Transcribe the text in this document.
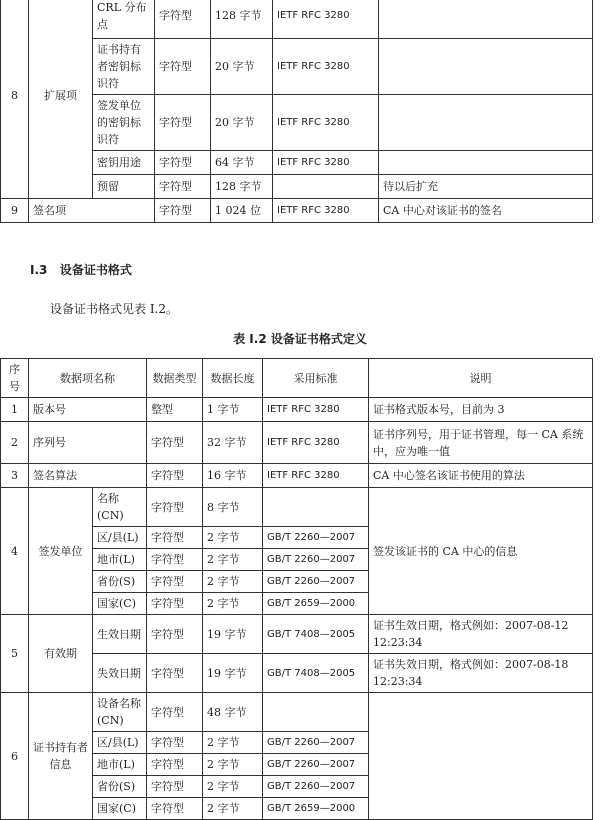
8	扩展项	CRL 分布点	字符型	128 字节	IETF RFC 3280	
		证书持有者密钥标识符	字符型	20 字节	IETF RFC 3280	
		签发单位的密钥标识符	字符型	20 字节	IETF RFC 3280	
		密钥用途	字符型	64 字节	IETF RFC 3280	
		预留	字符型	128 字节		待以后扩充
9	签名项		字符型	1 024 位	IETF RFC 3280	CA 中心对该证书的签名
I.3 设备证书格式
设备证书格式见表 I.2。
表 I.2 设备证书格式定义
序号	数据项名称		数据类型	数据长度	采用标准	说明
1	版本号		整型	1 字节	IETF RFC 3280	证书格式版本号，目前为 3
2	序列号		字符型	32 字节	IETF RFC 3280	证书序列号，用于证书管理，每一 CA 系统中，应为唯一值
3	签名算法		字符型	16 字节	IETF RFC 3280	CA 中心签名该证书使用的算法
4	签发单位	名称(CN)	字符型	8 字节		签发该证书的 CA 中心的信息
		区/县(L)	字符型	2 字节	GB/T 2260—2007	
		地市(L)	字符型	2 字节	GB/T 2260—2007	
		省份(S)	字符型	2 字节	GB/T 2260—2007	
		国家(C)	字符型	2 字节	GB/T 2659—2000	
5	有效期	生效日期	字符型	19 字节	GB/T 7408—2005	证书生效日期，格式例如：2007-08-12 12:23:34
		失效日期	字符型	19 字节	GB/T 7408—2005	证书失效日期，格式例如：2007-08-18 12:23:34
6	证书持有者信息	设备名称(CN)	字符型	48 字节		
		区/县(L)	字符型	2 字节	GB/T 2260—2007	
		地市(L)	字符型	2 字节	GB/T 2260—2007	
		省份(S)	字符型	2 字节	GB/T 2260—2007	
		国家(C)	字符型	2 字节	GB/T 2659—2000	
